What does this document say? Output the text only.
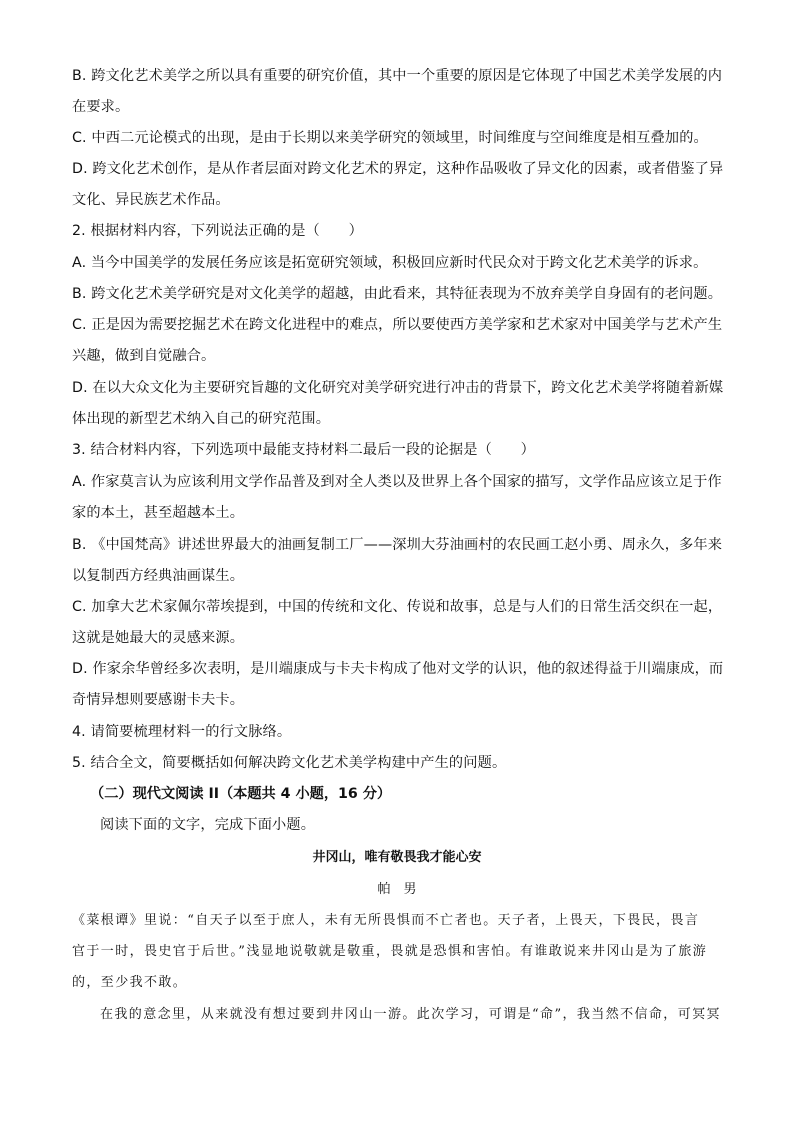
B. 跨文化艺术美学之所以具有重要的研究价值，其中一个重要的原因是它体现了中国艺术美学发展的内
在要求。
C. 中西二元论模式的出现，是由于长期以来美学研究的领域里，时间维度与空间维度是相互叠加的。
D. 跨文化艺术创作，是从作者层面对跨文化艺术的界定，这种作品吸收了异文化的因素，或者借鉴了异
文化、异民族艺术作品。
2. 根据材料内容，下列说法正确的是（　　）
A. 当今中国美学的发展任务应该是拓宽研究领域，积极回应新时代民众对于跨文化艺术美学的诉求。
B. 跨文化艺术美学研究是对文化美学的超越，由此看来，其特征表现为不放弃美学自身固有的老问题。
C. 正是因为需要挖掘艺术在跨文化进程中的难点，所以要使西方美学家和艺术家对中国美学与艺术产生
兴趣，做到自觉融合。
D. 在以大众文化为主要研究旨趣的文化研究对美学研究进行冲击的背景下，跨文化艺术美学将随着新媒
体出现的新型艺术纳入自己的研究范围。
3. 结合材料内容，下列选项中最能支持材料二最后一段的论据是（　　）
A. 作家莫言认为应该利用文学作品普及到对全人类以及世界上各个国家的描写，文学作品应该立足于作
家的本土，甚至超越本土。
B. 《中国梵高》讲述世界最大的油画复制工厂——深圳大芬油画村的农民画工赵小勇、周永久，多年来
以复制西方经典油画谋生。
C. 加拿大艺术家佩尔蒂埃提到，中国的传统和文化、传说和故事，总是与人们的日常生活交织在一起，
这就是她最大的灵感来源。
D. 作家余华曾经多次表明，是川端康成与卡夫卡构成了他对文学的认识，他的叙述得益于川端康成，而
奇情异想则要感谢卡夫卡。
4. 请简要梳理材料一的行文脉络。
5. 结合全文，简要概括如何解决跨文化艺术美学构建中产生的问题。
（二）现代文阅读 II（本题共 4 小题，16 分）
阅读下面的文字，完成下面小题。
井冈山，唯有敬畏我才能心安
帕　男
《菜根谭》里说：“自天子以至于庶人，未有无所畏惧而不亡者也。天子者，上畏天，下畏民，畏言
官于一时，畏史官于后世。”浅显地说敬就是敬重，畏就是恐惧和害怕。有谁敢说来井冈山是为了旅游
的，至少我不敢。
在我的意念里，从来就没有想过要到井冈山一游。此次学习，可谓是“命”，我当然不信命，可冥冥
